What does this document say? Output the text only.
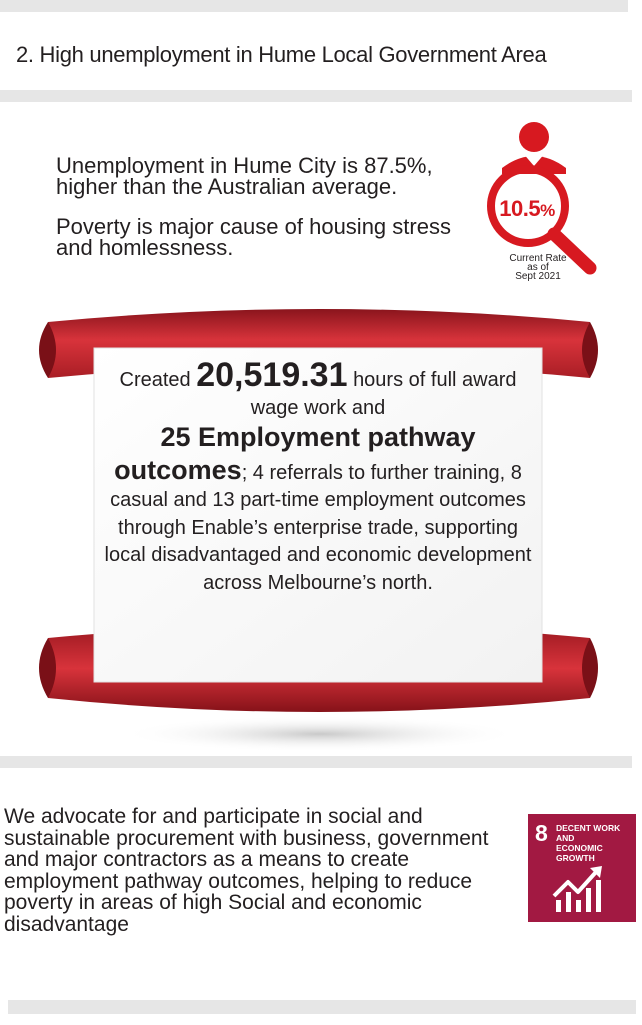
2. High unemployment in Hume Local Government Area
Unemployment in Hume City is 87.5%, higher than the Australian average.
Poverty is major cause of housing stress and homlessness.
10.5%
Current Rate
as of
Sept 2021
Created 20,519.31 hours of full award wage work and
25 Employment pathway outcomes; 4 referrals to further training, 8 casual and 13 part-time employment outcomes through Enable’s enterprise trade, supporting local disadvantaged and economic development across Melbourne’s north.
We advocate for and participate in social and sustainable procurement with business, government and major contractors as a means to create employment pathway outcomes, helping to reduce poverty in areas of high Social and economic disadvantage
8 DECENT WORK AND
ECONOMIC GROWTH
